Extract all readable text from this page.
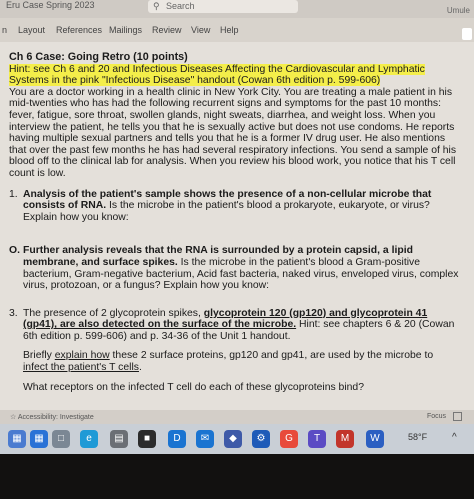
Eru Case Spring 2023	⚲ Search	Umule
n Layout References Mailings Review View Help
Ch 6 Case: Going Retro (10 points)
Hint: see Ch 6 and 20 and Infectious Diseases Affecting the Cardiovascular and Lymphatic Systems in the pink "Infectious Disease" handout (Cowan 6th edition p. 599-606)
You are a doctor working in a health clinic in New York City. You are treating a male patient in his mid-twenties who has had the following recurrent signs and symptoms for the past 10 months: fever, fatigue, sore throat, swollen glands, night sweats, diarrhea, and weight loss. When you interview the patient, he tells you that he is sexually active but does not use condoms. He reports having multiple sexual partners and tells you that he is a former IV drug user. He also mentions that over the past few months he has had several respiratory infections. You send a sample of his blood off to the clinical lab for analysis. When you review his blood work, you notice that his T cell count is low.
1. Analysis of the patient's sample shows the presence of a non-cellular microbe that consists of RNA. Is the microbe in the patient's blood a prokaryote, eukaryote, or virus? Explain how you know:
O. Further analysis reveals that the RNA is surrounded by a protein capsid, a lipid membrane, and surface spikes. Is the microbe in the patient's blood a Gram-positive bacterium, Gram-negative bacterium, Acid fast bacteria, naked virus, enveloped virus, complex virus, protozoan, or a fungus? Explain how you know:
3. The presence of 2 glycoprotein spikes, glycoprotein 120 (gp120) and glycoprotein 41 (gp41), are also detected on the surface of the microbe. Hint: see chapters 6 & 20 (Cowan 6th edition p. 599-606) and p. 34-36 of the Unit 1 handout.
Briefly explain how these 2 surface proteins, gp120 and gp41, are used by the microbe to infect the patient's T cells.
What receptors on the infected T cell do each of these glycoproteins bind?
☆ Accessibility: Investigate	Focus
▦	▦	□	e	▤	■	D	✉	◆	⚙	G	T	M	W	58°F ^
